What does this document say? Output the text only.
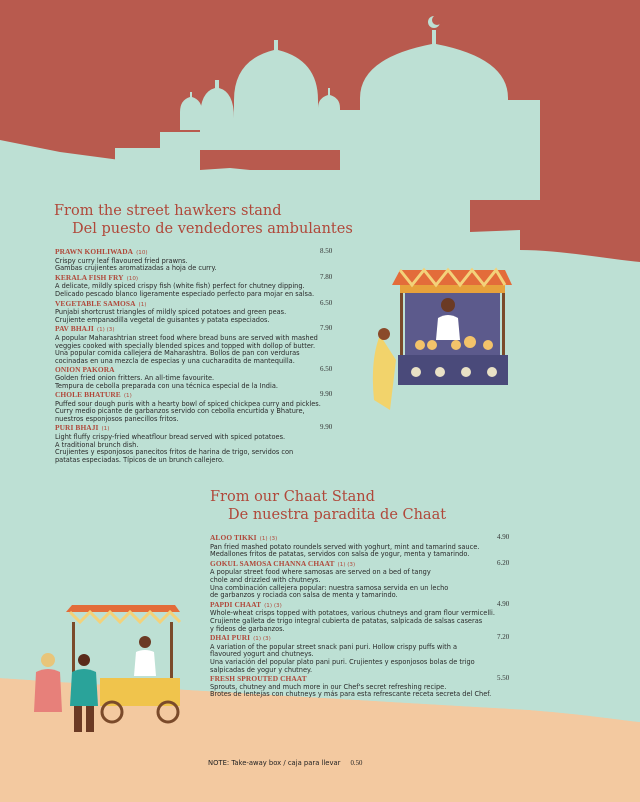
From the street hawkers stand
Del puesto de vendedores ambulantes
PRAWN KOHLIWADA (10)	8.50
Crispy curry leaf flavoured fried prawns.
Gambas crujientes aromatizadas a hoja de curry.
KERALA FISH FRY (10)	7.80
A delicate, mildly spiced crispy fish (white fish) perfect for chutney dipping.
Delicado pescado blanco ligeramente especiado perfecto para mojar en salsa.
VEGETABLE SAMOSA (1)	6.50
Punjabi shortcrust triangles of mildly spiced potatoes and green peas.
Crujiente empanadilla vegetal de guisantes y patata especiados.
PAV BHAJI (1) (3)	7.90
A popular Maharashtrian street food where bread buns are served with mashed
veggies cooked with specially blended spices and topped with dollop of butter.
Una popular comida callejera de Maharashtra. Bollos de pan con verduras
cocinadas en una mezcla de especias y una cucharadita de mantequilla.
ONION PAKORA	6.50
Golden fried onion fritters. An all-time favourite.
Tempura de cebolla preparada con una técnica especial de la India.
CHOLE BHATURE (1)	9.90
Puffed sour dough puris with a hearty bowl of spiced chickpea curry and pickles.
Curry medio picante de garbanzos servido con cebolla encurtida y Bhature,
nuestros esponjosos panecillos fritos.
PURI BHAJI (1)	9.90
Light fluffy crispy-fried wheatflour bread served with spiced potatoes.
A traditional brunch dish.
Crujientes y esponjosos panecitos fritos de harina de trigo, servidos con
patatas especiadas. Típicos de un brunch callejero.
From our Chaat Stand
De nuestra paradita de Chaat
ALOO TIKKI (1) (3)	4.90
Pan fried mashed potato roundels served with yoghurt, mint and tamarind sauce.
Medallones fritos de patatas, servidos con salsa de yogur, menta y tamarindo.
GOKUL SAMOSA CHANNA CHAAT (1) (3)	6.20
A popular street food where samosas are served on a bed of tangy
chole and drizzled with chutneys.
Una combinación callejera popular: nuestra samosa servida en un lecho
de garbanzos y rociada con salsa de menta y tamarindo.
PAPDI CHAAT (1) (3)	4.90
Whole-wheat crisps topped with potatoes, various chutneys and gram flour vermicelli.
Crujiente galleta de trigo integral cubierta de patatas, salpicada de salsas caseras
y fideos de garbanzos.
DHAI PURI (1) (3)	7.20
A variation of the popular street snack pani puri. Hollow crispy puffs with a
flavoured yogurt and chutneys.
Una variación del popular plato pani puri. Crujientes y esponjosos bolas de trigo
salpicadas de yogur y chutney.
FRESH SPROUTED CHAAT	5.50
Sprouts, chutney and much more in our Chef's secret refreshing recipe.
Brotes de lentejas con chutneys y más para esta refrescante receta secreta del Chef.
NOTE: Take-away box / caja para llevar 0.50
